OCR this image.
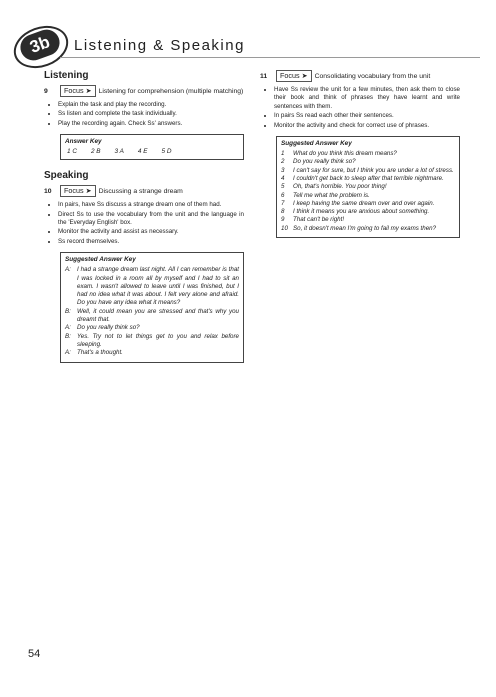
3b	Listening & Speaking
Listening
9 Focus ➤ Listening for comprehension (multiple matching)
• Explain the task and play the recording.
• Ss listen and complete the task individually.
• Play the recording again. Check Ss' answers.
Answer Key
1 C 2 B 3 A 4 E 5 D
Speaking
10 Focus ➤ Discussing a strange dream
• In pairs, have Ss discuss a strange dream one of them had.
• Direct Ss to use the vocabulary from the unit and the language in the 'Everyday English' box.
• Monitor the activity and assist as necessary.
• Ss record themselves.
Suggested Answer Key
A: I had a strange dream last night. All I can remember is that I was locked in a room all by myself and I had to sit an exam. I wasn't allowed to leave until I was finished, but I had no idea what it was about. I felt very alone and afraid. Do you have any idea what it means?
B: Well, it could mean you are stressed and that's why you dreamt that.
A: Do you really think so?
B: Yes. Try not to let things get to you and relax before sleeping.
A: That's a thought.
11 Focus ➤ Consolidating vocabulary from the unit
• Have Ss review the unit for a few minutes, then ask them to close their book and think of phrases they have learnt and write sentences with them.
• In pairs Ss read each other their sentences.
• Monitor the activity and check for correct use of phrases.
Suggested Answer Key
1	What do you think this dream means?
2	Do you really think so?
3	I can't say for sure, but I think you are under a lot of stress.
4	I couldn't get back to sleep after that terrible nightmare.
5	Oh, that's horrible. You poor thing!
6	Tell me what the problem is.
7	I keep having the same dream over and over again.
8	I think it means you are anxious about something.
9	That can't be right!
10 So, it doesn't mean I'm going to fail my exams then?
54
